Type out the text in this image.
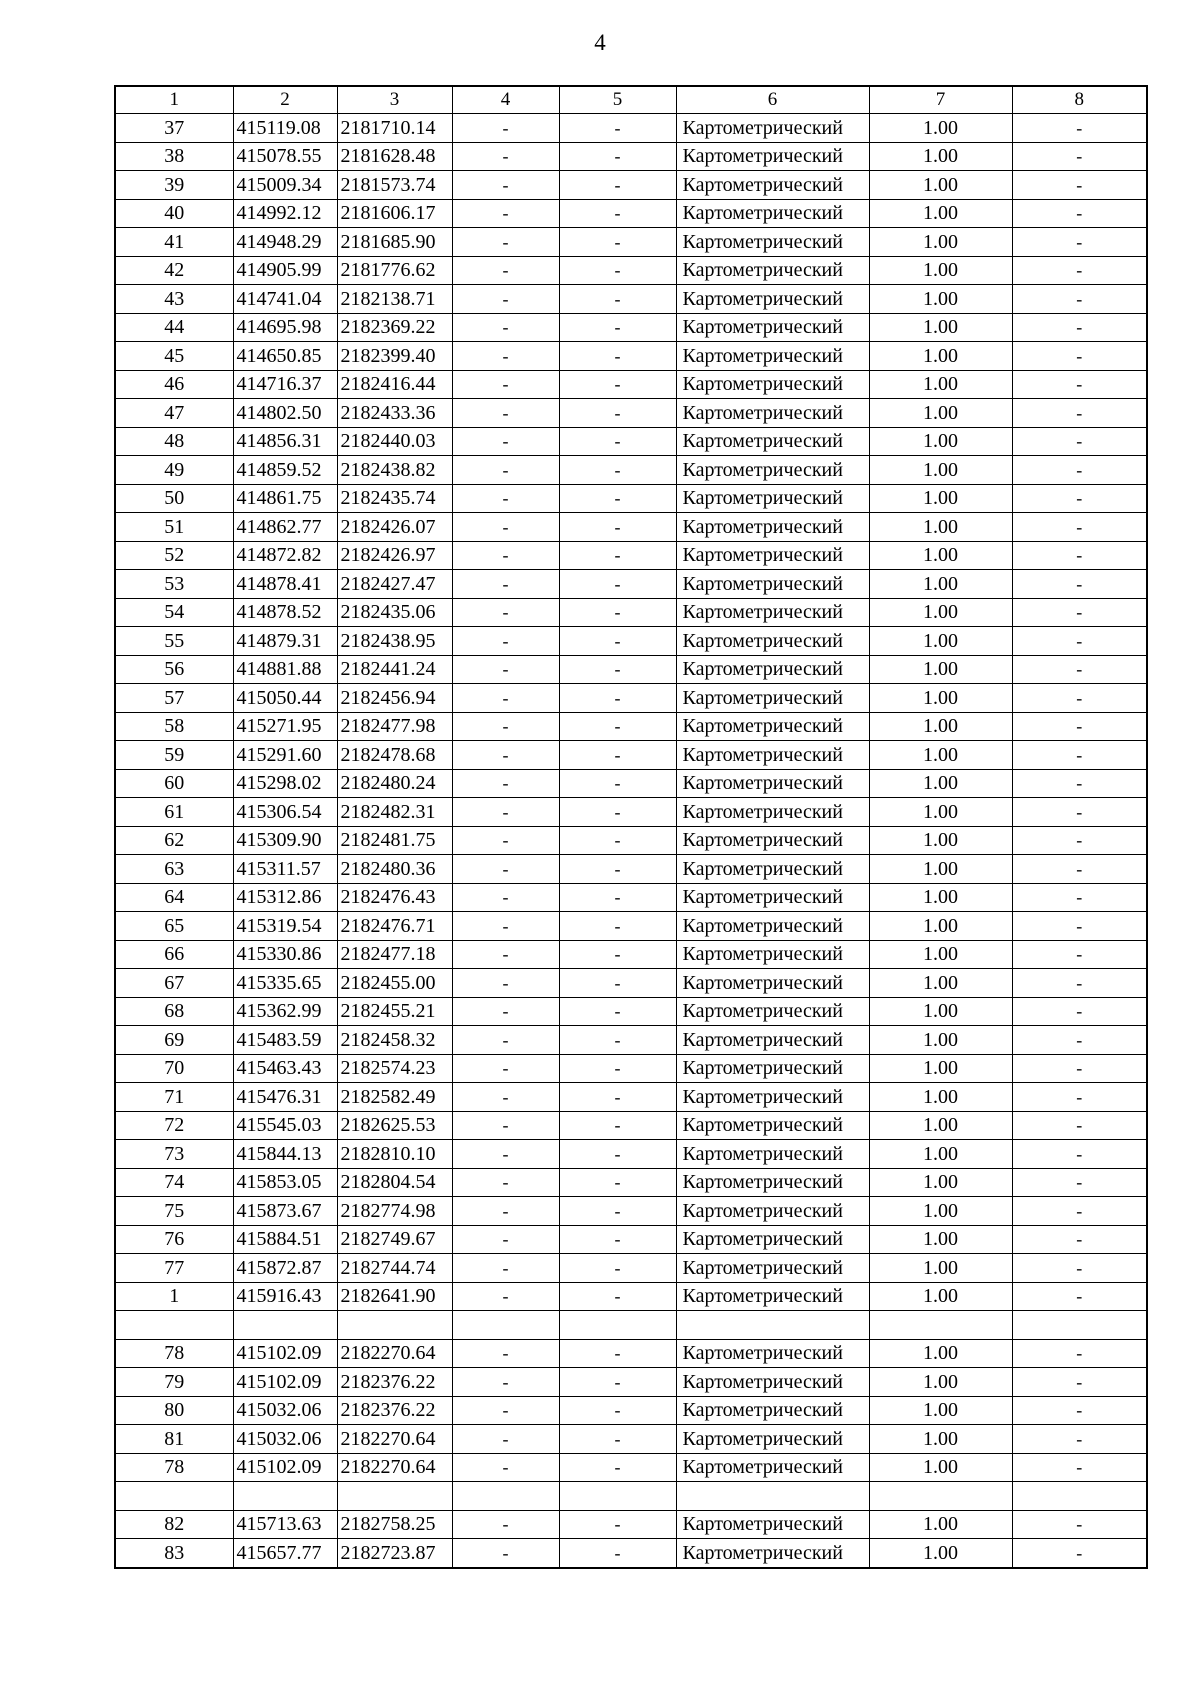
4
1	2	3	4	5	6	7	8
37	415119.08	2181710.14	-	-	Картометрический	1.00	-
38	415078.55	2181628.48	-	-	Картометрический	1.00	-
39	415009.34	2181573.74	-	-	Картометрический	1.00	-
40	414992.12	2181606.17	-	-	Картометрический	1.00	-
41	414948.29	2181685.90	-	-	Картометрический	1.00	-
42	414905.99	2181776.62	-	-	Картометрический	1.00	-
43	414741.04	2182138.71	-	-	Картометрический	1.00	-
44	414695.98	2182369.22	-	-	Картометрический	1.00	-
45	414650.85	2182399.40	-	-	Картометрический	1.00	-
46	414716.37	2182416.44	-	-	Картометрический	1.00	-
47	414802.50	2182433.36	-	-	Картометрический	1.00	-
48	414856.31	2182440.03	-	-	Картометрический	1.00	-
49	414859.52	2182438.82	-	-	Картометрический	1.00	-
50	414861.75	2182435.74	-	-	Картометрический	1.00	-
51	414862.77	2182426.07	-	-	Картометрический	1.00	-
52	414872.82	2182426.97	-	-	Картометрический	1.00	-
53	414878.41	2182427.47	-	-	Картометрический	1.00	-
54	414878.52	2182435.06	-	-	Картометрический	1.00	-
55	414879.31	2182438.95	-	-	Картометрический	1.00	-
56	414881.88	2182441.24	-	-	Картометрический	1.00	-
57	415050.44	2182456.94	-	-	Картометрический	1.00	-
58	415271.95	2182477.98	-	-	Картометрический	1.00	-
59	415291.60	2182478.68	-	-	Картометрический	1.00	-
60	415298.02	2182480.24	-	-	Картометрический	1.00	-
61	415306.54	2182482.31	-	-	Картометрический	1.00	-
62	415309.90	2182481.75	-	-	Картометрический	1.00	-
63	415311.57	2182480.36	-	-	Картометрический	1.00	-
64	415312.86	2182476.43	-	-	Картометрический	1.00	-
65	415319.54	2182476.71	-	-	Картометрический	1.00	-
66	415330.86	2182477.18	-	-	Картометрический	1.00	-
67	415335.65	2182455.00	-	-	Картометрический	1.00	-
68	415362.99	2182455.21	-	-	Картометрический	1.00	-
69	415483.59	2182458.32	-	-	Картометрический	1.00	-
70	415463.43	2182574.23	-	-	Картометрический	1.00	-
71	415476.31	2182582.49	-	-	Картометрический	1.00	-
72	415545.03	2182625.53	-	-	Картометрический	1.00	-
73	415844.13	2182810.10	-	-	Картометрический	1.00	-
74	415853.05	2182804.54	-	-	Картометрический	1.00	-
75	415873.67	2182774.98	-	-	Картометрический	1.00	-
76	415884.51	2182749.67	-	-	Картометрический	1.00	-
77	415872.87	2182744.74	-	-	Картометрический	1.00	-
1	415916.43	2182641.90	-	-	Картометрический	1.00	-

78	415102.09	2182270.64	-	-	Картометрический	1.00	-
79	415102.09	2182376.22	-	-	Картометрический	1.00	-
80	415032.06	2182376.22	-	-	Картометрический	1.00	-
81	415032.06	2182270.64	-	-	Картометрический	1.00	-
78	415102.09	2182270.64	-	-	Картометрический	1.00	-

82	415713.63	2182758.25	-	-	Картометрический	1.00	-
83	415657.77	2182723.87	-	-	Картометрический	1.00	-
